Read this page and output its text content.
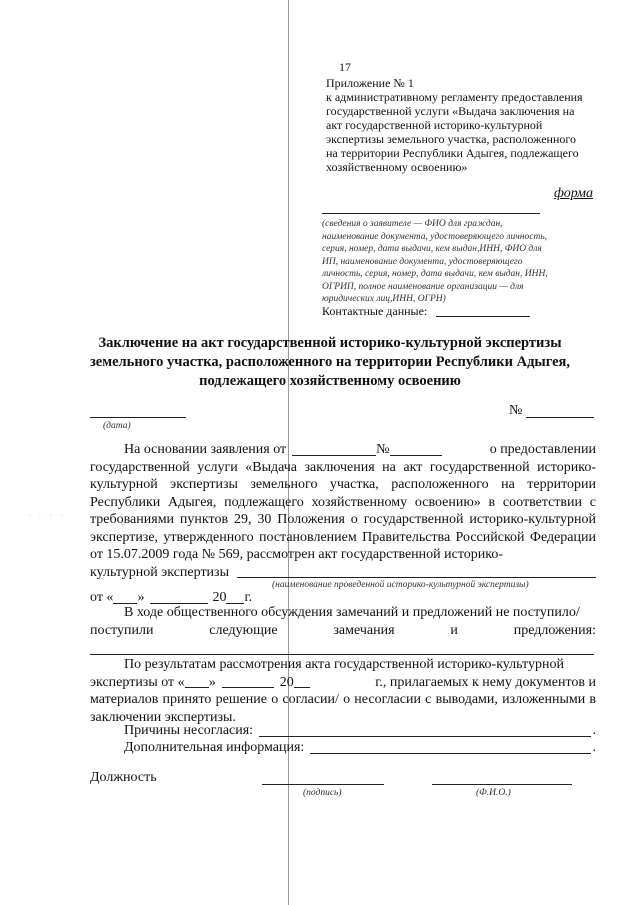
· · · ·
17
Приложение № 1
к административному регламенту предоставления
государственной услуги «Выдача заключения на
акт государственной историко-культурной
экспертизы земельного участка, расположенного
на территории Республики Адыгея, подлежащего
хозяйственному освоению»
форма
(сведения о заявителе — ФИО для граждан,
наименование документа, удостоверяющего личность,
серия, номер, дата выдачи, кем выдан,ИНН, ФИО для
ИП, наименование документа, удостоверяющего
личность, серия, номер, дата выдачи, кем выдан, ИНН,
ОГРИП, полное наименование организации — для
юридических лиц,ИНН, ОГРН)
Контактные данные:
Заключение на акт государственной историко-культурной экспертизы
земельного участка, расположенного на территории Республики Адыгея,
подлежащего хозяйственному освоению
(дата)
№
На основании заявления от	№	о предоставлении
государственной услуги «Выдача заключения на акт государственной историко-культурной экспертизы земельного участка, расположенного на территории Республики Адыгея, подлежащего хозяйственному освоению» в соответствии с требованиями пунктов 29, 30 Положения о государственной историко-культурной экспертизе, утвержденного постановлением Правительства Российской Федерации от 15.07.2009 года № 569, рассмотрен акт государственной историко-
культурной экспертизы
(наименование проведенной историко-культурной экспертизы)
от « »	20 г.
В ходе общественного обсуждения замечаний и предложений не поступило/
поступили следующие замечания и предложения:
По результатам рассмотрения акта государственной историко-культурной
экспертизы от « »	20	г., прилагаемых к нему документов и
материалов принято решение о согласии/ о несогласии с выводами, изложенными в заключении экспертизы.
Причины несогласия:	.
Дополнительная информация:	.
Должность
(подпись)	(Ф.И.О.)
